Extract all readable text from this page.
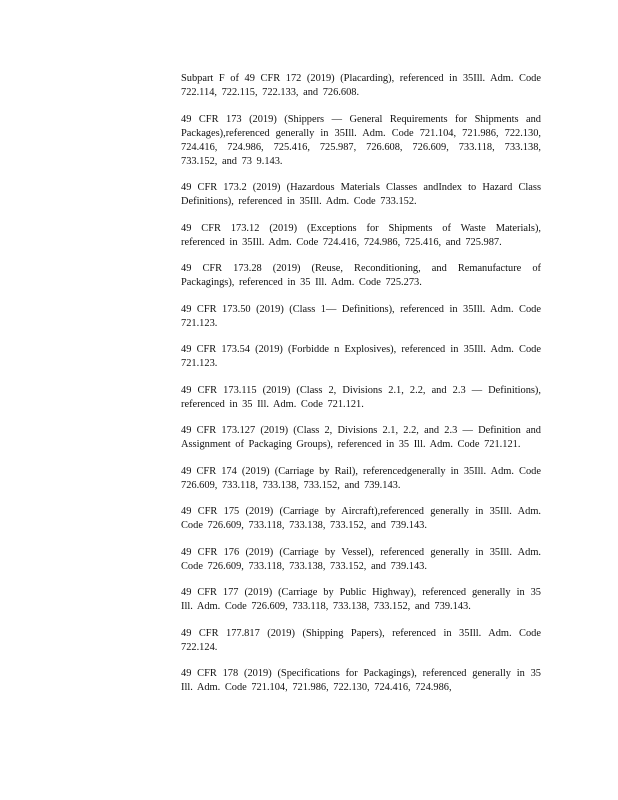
Subpart F of 49 CFR 172 (2019) (Placarding), referenced in 35Ill. Adm. Code 722.114, 722.115, 722.133, and 726.608.
49 CFR 173 (2019) (Shippers — General Requirements for Shipments and Packages),referenced generally in 35Ill. Adm. Code 721.104, 721.986, 722.130, 724.416, 724.986, 725.416, 725.987, 726.608, 726.609, 733.118, 733.138, 733.152, and 73 9.143.
49 CFR 173.2 (2019) (Hazardous Materials Classes andIndex to Hazard Class Definitions), referenced in 35Ill. Adm. Code 733.152.
49 CFR 173.12 (2019) (Exceptions for Shipments of Waste Materials), referenced in 35Ill. Adm. Code 724.416, 724.986, 725.416, and 725.987.
49 CFR 173.28 (2019) (Reuse, Reconditioning, and Remanufacture of Packagings), referenced in 35 Ill. Adm. Code 725.273.
49 CFR 173.50 (2019) (Class 1— Definitions), referenced in 35Ill. Adm. Code 721.123.
49 CFR 173.54 (2019) (Forbidde n Explosives), referenced in 35Ill. Adm. Code 721.123.
49 CFR 173.115 (2019) (Class 2, Divisions 2.1, 2.2, and 2.3 — Definitions), referenced in 35 Ill. Adm. Code 721.121.
49 CFR 173.127 (2019) (Class 2, Divisions 2.1, 2.2, and 2.3 — Definition and Assignment of Packaging Groups), referenced in 35 Ill. Adm. Code 721.121.
49 CFR 174 (2019) (Carriage by Rail), referencedgenerally in 35Ill. Adm. Code 726.609, 733.118, 733.138, 733.152, and 739.143.
49 CFR 175 (2019) (Carriage by Aircraft),referenced generally in 35Ill. Adm. Code 726.609, 733.118, 733.138, 733.152, and 739.143.
49 CFR 176 (2019) (Carriage by Vessel), referenced generally in 35Ill. Adm. Code 726.609, 733.118, 733.138, 733.152, and 739.143.
49 CFR 177 (2019) (Carriage by Public Highway), referenced generally in 35 Ill. Adm. Code 726.609, 733.118, 733.138, 733.152, and 739.143.
49 CFR 177.817 (2019) (Shipping Papers), referenced in 35Ill. Adm. Code 722.124.
49 CFR 178 (2019) (Specifications for Packagings), referenced generally in 35 Ill. Adm. Code 721.104, 721.986, 722.130, 724.416, 724.986,
